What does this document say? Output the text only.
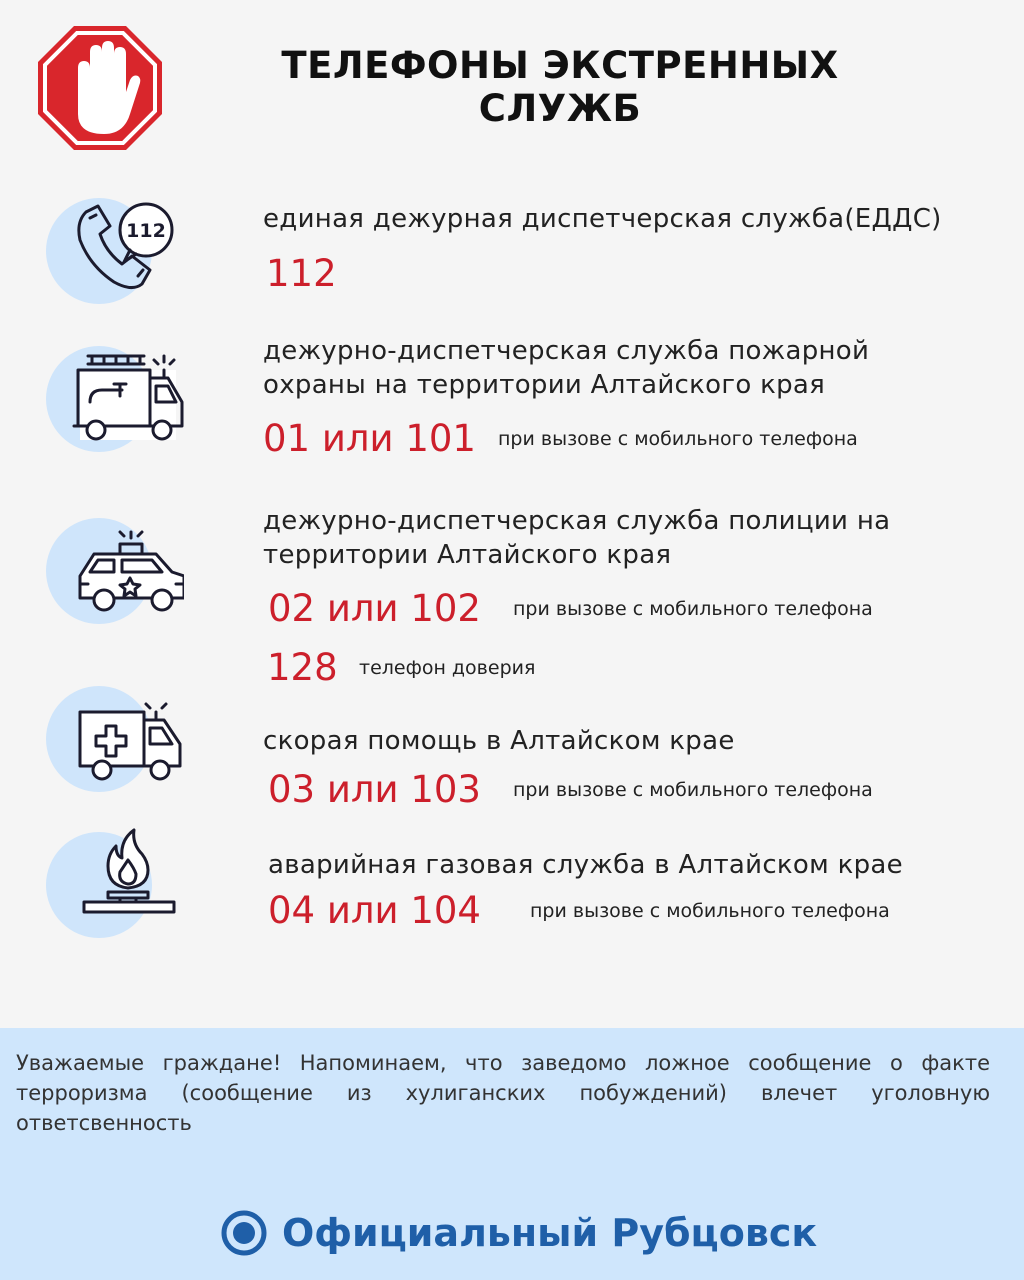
ТЕЛЕФОНЫ ЭКСТРЕННЫХ
СЛУЖБ
112	единая дежурная диспетчерская служба(ЕДДС)
112
дежурно-диспетчерская служба пожарной
охраны на территории Алтайского края
01 или 101 при вызове с мобильного телефона
дежурно-диспетчерская служба полиции на
территории Алтайского края
02 или 102 при вызове с мобильного телефона
128 телефон доверия
скорая помощь в Алтайском крае
03 или 103 при вызове с мобильного телефона
аварийная газовая служба в Алтайском крае
04 или 104	при вызове с мобильного телефона
Уважаемые граждане! Напоминаем, что заведомо ложное сообщение о факте терроризма (сообщение из хулиганских побуждений) влечет уголовную ответсвенность
Официальный Рубцовск
